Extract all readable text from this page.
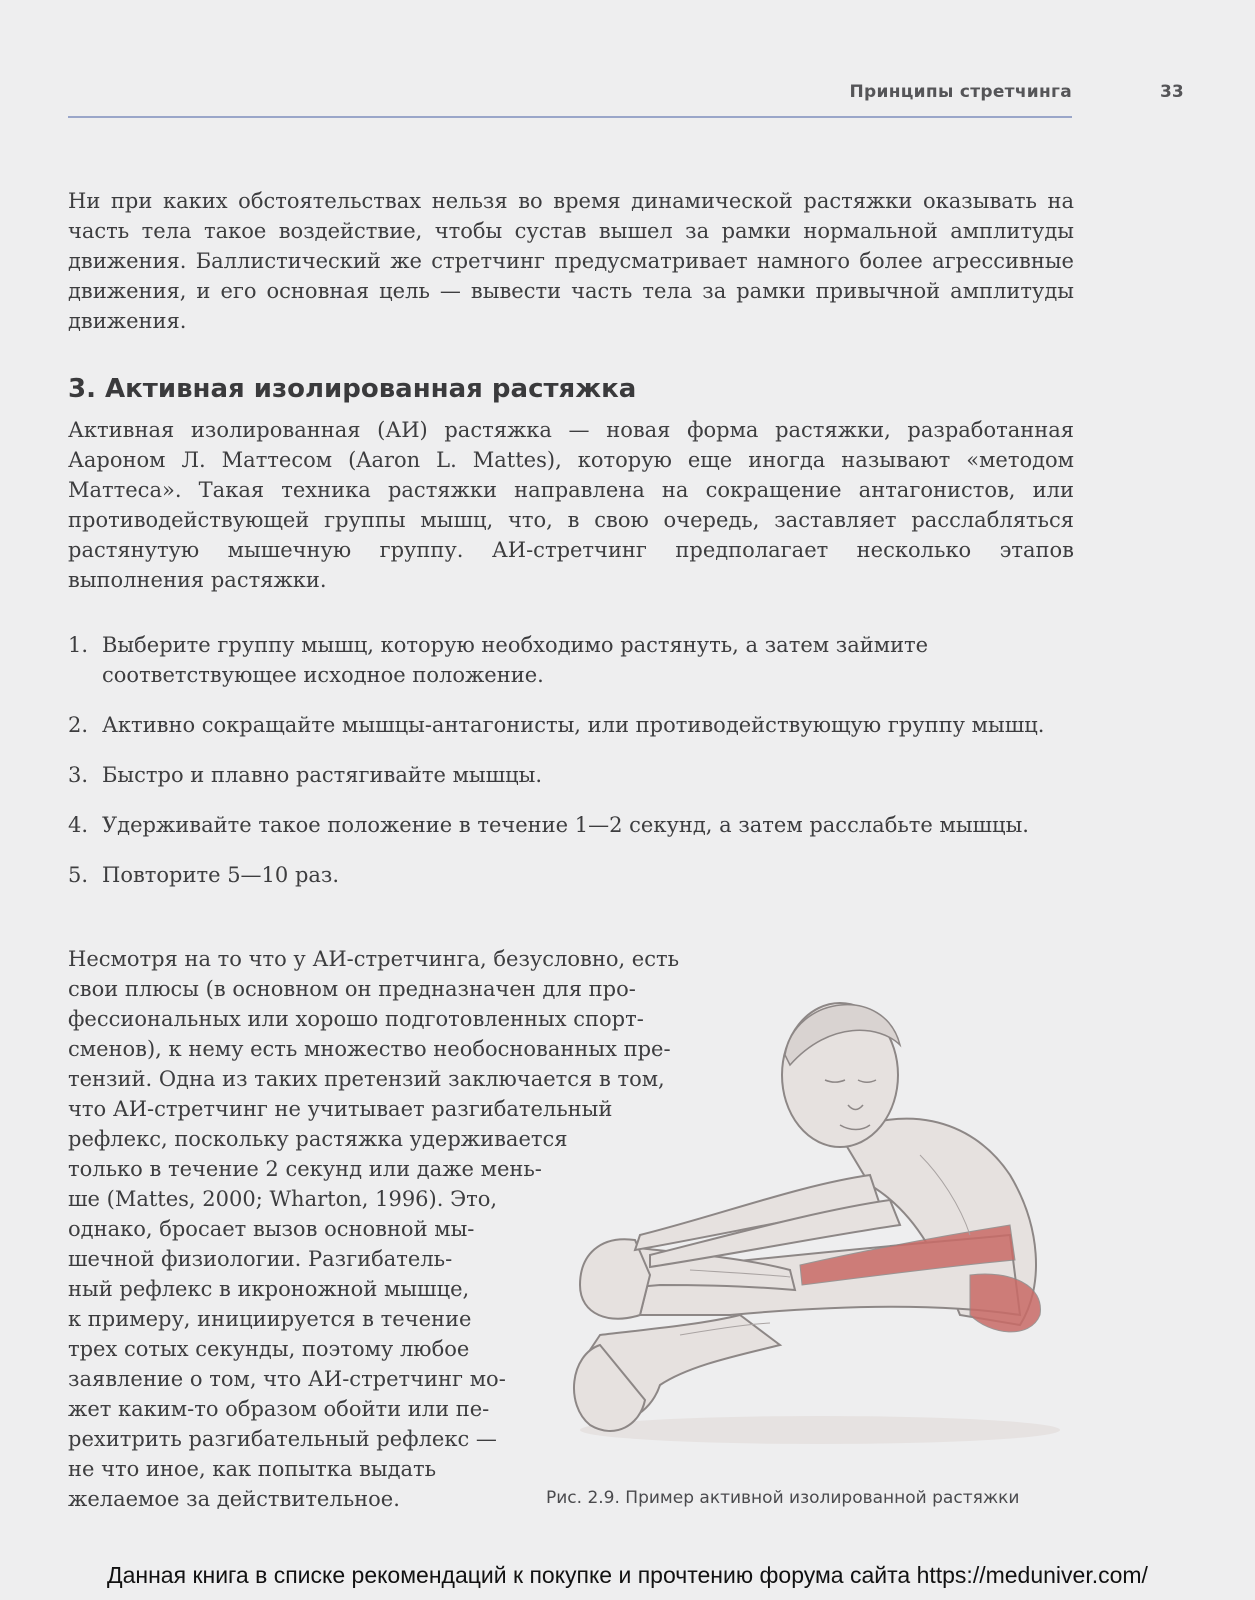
Принципы стретчинга	33

Ни при каких обстоятельствах нельзя во время динамической растяжки оказывать на часть тела такое воздействие, чтобы сустав вышел за рамки нормальной амплитуды движения. Баллистический же стретчинг предусматривает намного более агрессивные движения, и его основная цель — вывести часть тела за рамки привычной амплитуды движения.

3. Активная изолированная растяжка

Активная изолированная (АИ) растяжка — новая форма растяжки, разработанная Аароном Л. Маттесом (Aaron L. Mattes), которую еще иногда называют «методом Маттеса». Такая техника растяжки направлена на сокращение антагонистов, или противодействующей группы мышц, что, в свою очередь, заставляет расслабляться растянутую мышечную группу. АИ-стретчинг предполагает несколько этапов выполнения растяжки.

1. Выберите группу мышц, которую необходимо растянуть, а затем займите соответствующее исходное положение.
2. Активно сокращайте мышцы-антагонисты, или противодействующую группу мышц.
3. Быстро и плавно растягивайте мышцы.
4. Удерживайте такое положение в течение 1—2 секунд, а затем расслабьте мышцы.
5. Повторите 5—10 раз.
Несмотря на то что у АИ-стретчинга, безусловно, есть
свои плюсы (в основном он предназначен для про-
фессиональных или хорошо подготовленных спорт-
сменов), к нему есть множество необоснованных пре-
тензий. Одна из таких претензий заключается в том,
что АИ-стретчинг не учитывает разгибательный
рефлекс, поскольку растяжка удерживается
только в течение 2 секунд или даже мень-
ше (Mattes, 2000; Wharton, 1996). Это,
однако, бросает вызов основной мы-
шечной физиологии. Разгибатель-
ный рефлекс в икроножной мышце,
к примеру, инициируется в течение
трех сотых секунды, поэтому любое
заявление о том, что АИ-стретчинг мо-
жет каким-то образом обойти или пе-
рехитрить разгибательный рефлекс —
не что иное, как попытка выдать
желаемое за действительное.	Рис. 2.9. Пример активной изолированной растяжки
Данная книга в списке рекомендаций к покупке и прочтению форума сайта https://meduniver.com/
